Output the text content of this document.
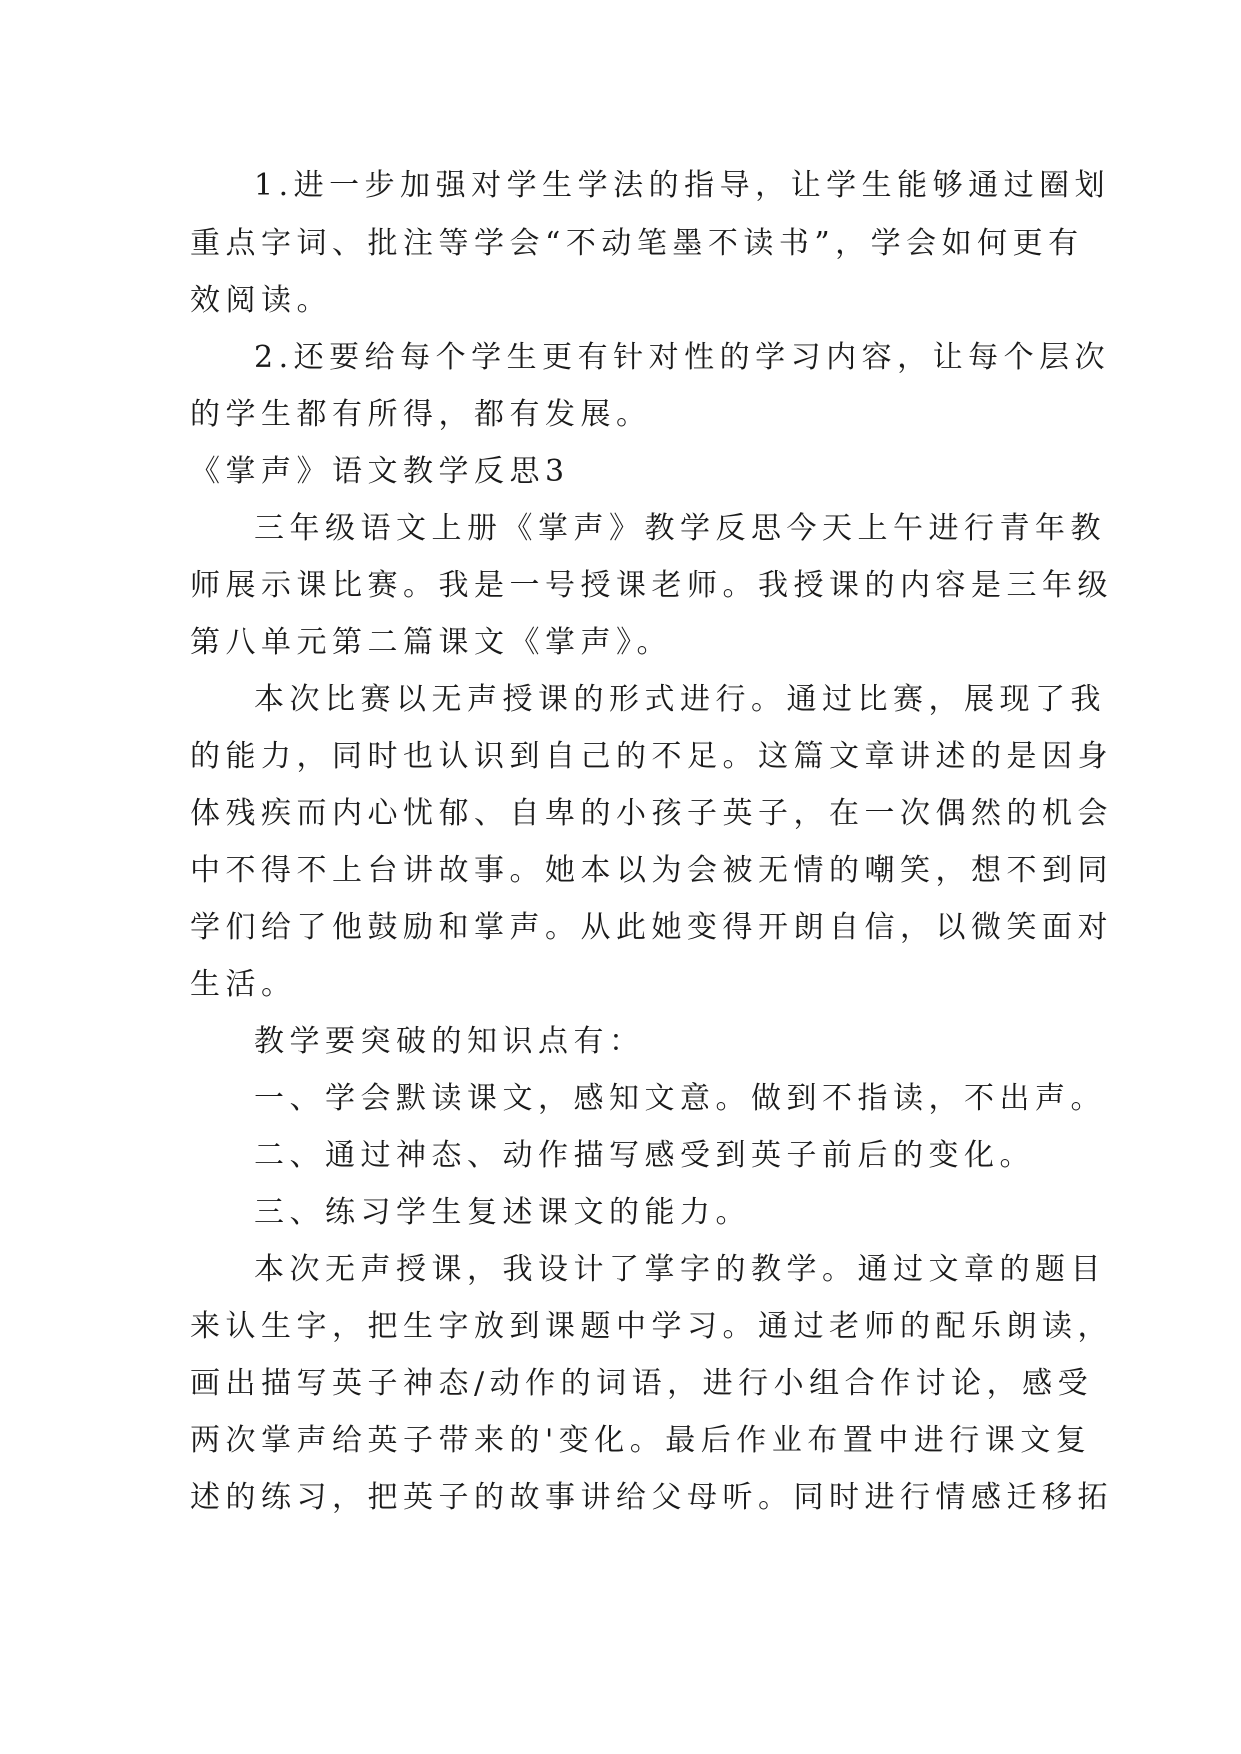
1.进一步加强对学生学法的指导，让学生能够通过圈划
重点字词、批注等学会“不动笔墨不读书”，学会如何更有
效阅读。
2.还要给每个学生更有针对性的学习内容，让每个层次
的学生都有所得，都有发展。
《掌声》语文教学反思3
三年级语文上册《掌声》教学反思今天上午进行青年教
师展示课比赛。我是一号授课老师。我授课的内容是三年级
第八单元第二篇课文《掌声》。
本次比赛以无声授课的形式进行。通过比赛，展现了我
的能力，同时也认识到自己的不足。这篇文章讲述的是因身
体残疾而内心忧郁、自卑的小孩子英子，在一次偶然的机会
中不得不上台讲故事。她本以为会被无情的嘲笑，想不到同
学们给了他鼓励和掌声。从此她变得开朗自信，以微笑面对
生活。
教学要突破的知识点有：
一、学会默读课文，感知文意。做到不指读，不出声。
二、通过神态、动作描写感受到英子前后的变化。
三、练习学生复述课文的能力。
本次无声授课，我设计了掌字的教学。通过文章的题目
来认生字，把生字放到课题中学习。通过老师的配乐朗读，
画出描写英子神态/动作的词语，进行小组合作讨论，感受
两次掌声给英子带来的'变化。最后作业布置中进行课文复
述的练习，把英子的故事讲给父母听。同时进行情感迁移拓
